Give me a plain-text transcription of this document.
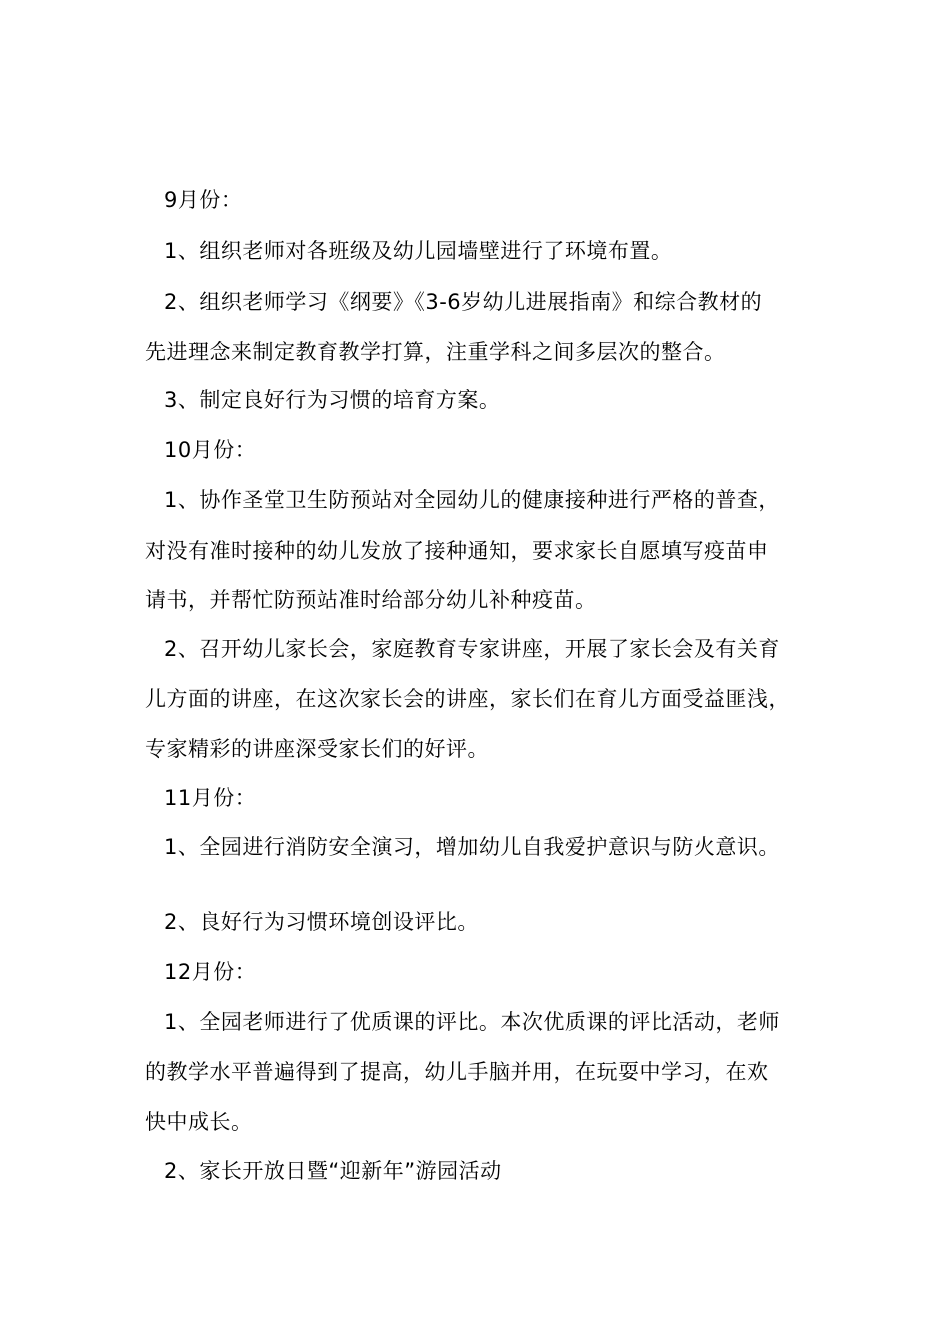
9月份：
1、组织老师对各班级及幼儿园墙壁进行了环境布置。
2、组织老师学习《纲要》《3-6岁幼儿进展指南》和综合教材的
先进理念来制定教育教学打算，注重学科之间多层次的整合。
3、制定良好行为习惯的培育方案。
10月份：
1、协作圣堂卫生防预站对全园幼儿的健康接种进行严格的普查，
对没有准时接种的幼儿发放了接种通知，要求家长自愿填写疫苗申
请书，并帮忙防预站准时给部分幼儿补种疫苗。
2、召开幼儿家长会，家庭教育专家讲座，开展了家长会及有关育
儿方面的讲座，在这次家长会的讲座，家长们在育儿方面受益匪浅，
专家精彩的讲座深受家长们的好评。
11月份：
1、全园进行消防安全演习，增加幼儿自我爱护意识与防火意识。
2、良好行为习惯环境创设评比。
12月份：
1、全园老师进行了优质课的评比。本次优质课的评比活动，老师
的教学水平普遍得到了提高，幼儿手脑并用，在玩耍中学习，在欢
快中成长。
2、家长开放日暨“迎新年”游园活动
